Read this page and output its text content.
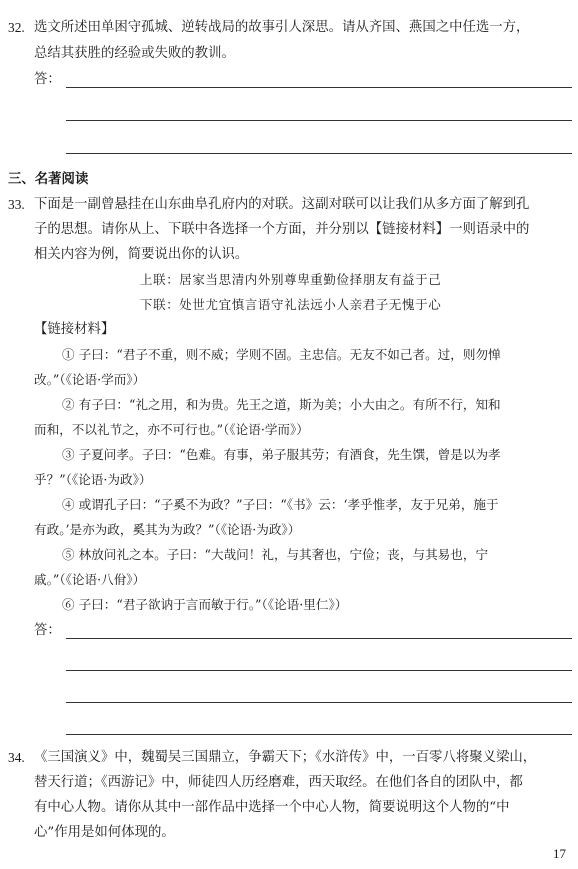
32. 选文所述田单困守孤城、逆转战局的故事引人深思。请从齐国、燕国之中任选一方，
总结其获胜的经验或失败的教训。
答：
三、名著阅读
33. 下面是一副曾悬挂在山东曲阜孔府内的对联。这副对联可以让我们从多方面了解到孔
子的思想。请你从上、下联中各选择一个方面，并分别以【链接材料】一则语录中的
相关内容为例，简要说出你的认识。
上联：居家当思清内外别尊卑重勤俭择朋友有益于己
下联：处世尤宜慎言语守礼法远小人亲君子无愧于心
【链接材料】
① 子曰：“君子不重，则不威；学则不固。主忠信。无友不如己者。过，则勿惮
改。”（《论语·学而》）
② 有子曰：“礼之用，和为贵。先王之道，斯为美；小大由之。有所不行，知和
而和，不以礼节之，亦不可行也。”（《论语·学而》）
③ 子夏问孝。子曰：“色难。有事，弟子服其劳；有酒食，先生馔，曾是以为孝
乎？”（《论语·为政》）
④ 或谓孔子曰：“子奚不为政？”子曰：“《书》云：‘孝乎惟孝，友于兄弟，施于
有政。’是亦为政，奚其为为政？”（《论语·为政》）
⑤ 林放问礼之本。子曰：“大哉问！礼，与其奢也，宁俭；丧，与其易也，宁
戚。”（《论语·八佾》）
⑥ 子曰：“君子欲讷于言而敏于行。”（《论语·里仁》）
答：
34. 《三国演义》中，魏蜀吴三国鼎立，争霸天下；《水浒传》中，一百零八将聚义梁山，
替天行道；《西游记》中，师徒四人历经磨难，西天取经。在他们各自的团队中，都
有中心人物。请你从其中一部作品中选择一个中心人物，简要说明这个人物的“中
心”作用是如何体现的。
17
